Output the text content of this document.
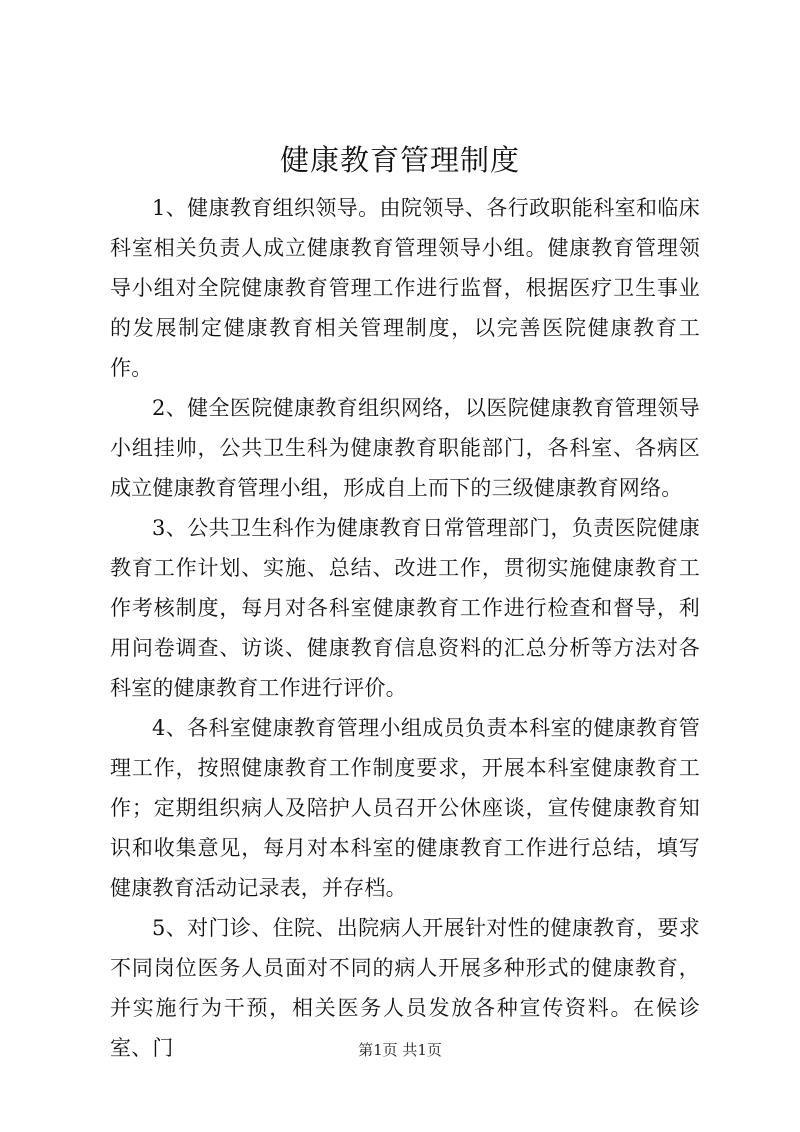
健康教育管理制度

1、健康教育组织领导。由院领导、各行政职能科室和临床科室相关负责人成立健康教育管理领导小组。健康教育管理领导小组对全院健康教育管理工作进行监督，根据医疗卫生事业的发展制定健康教育相关管理制度，以完善医院健康教育工作。

2、健全医院健康教育组织网络，以医院健康教育管理领导小组挂帅，公共卫生科为健康教育职能部门，各科室、各病区成立健康教育管理小组，形成自上而下的三级健康教育网络。

3、公共卫生科作为健康教育日常管理部门，负责医院健康教育工作计划、实施、总结、改进工作，贯彻实施健康教育工作考核制度，每月对各科室健康教育工作进行检查和督导，利用问卷调查、访谈、健康教育信息资料的汇总分析等方法对各科室的健康教育工作进行评价。

4、各科室健康教育管理小组成员负责本科室的健康教育管理工作，按照健康教育工作制度要求，开展本科室健康教育工作；定期组织病人及陪护人员召开公休座谈，宣传健康教育知识和收集意见，每月对本科室的健康教育工作进行总结，填写健康教育活动记录表，并存档。

5、对门诊、住院、出院病人开展针对性的健康教育，要求不同岗位医务人员面对不同的病人开展多种形式的健康教育，并实施行为干预，相关医务人员发放各种宣传资料。在候诊室、门	第1页 共1页
